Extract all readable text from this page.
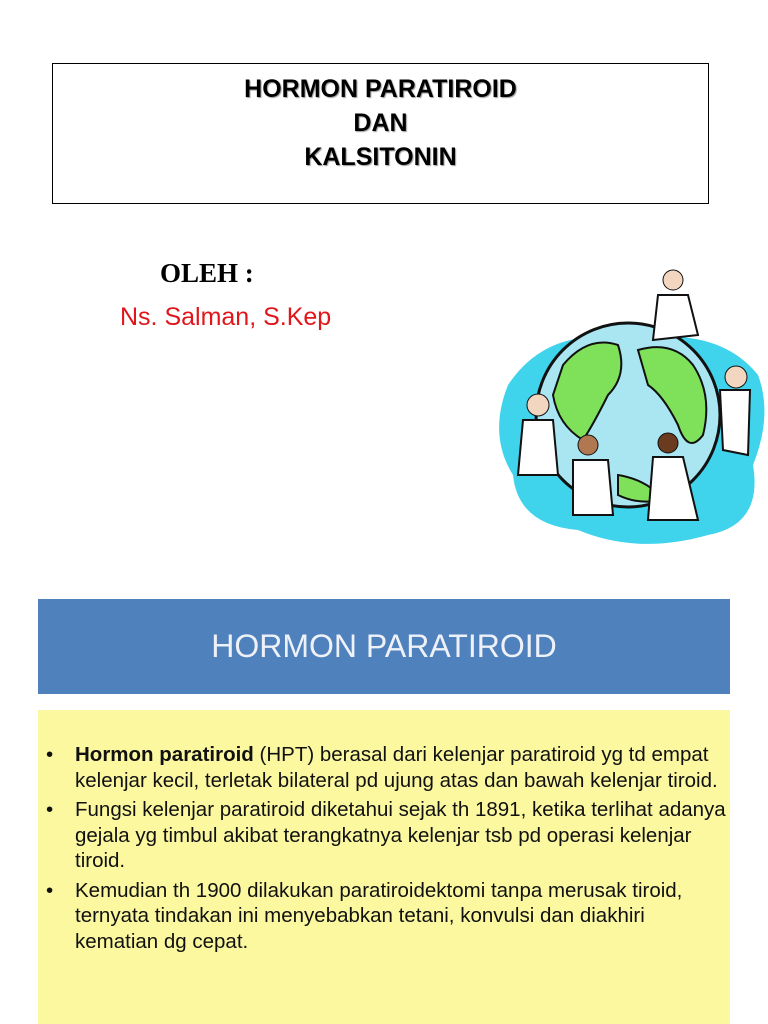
HORMON PARATIROID
DAN
KALSITONIN
OLEH :
Ns. Salman, S.Kep
HORMON PARATIROID
• Hormon paratiroid (HPT) berasal dari kelenjar paratiroid yg td empat kelenjar kecil, terletak bilateral pd ujung atas dan bawah kelenjar tiroid.
• Fungsi kelenjar paratiroid diketahui sejak th 1891, ketika terlihat adanya gejala yg timbul akibat terangkatnya kelenjar tsb pd operasi kelenjar tiroid.
• Kemudian th 1900 dilakukan paratiroidektomi tanpa merusak tiroid, ternyata tindakan ini menyebabkan tetani, konvulsi dan diakhiri kematian dg cepat.
